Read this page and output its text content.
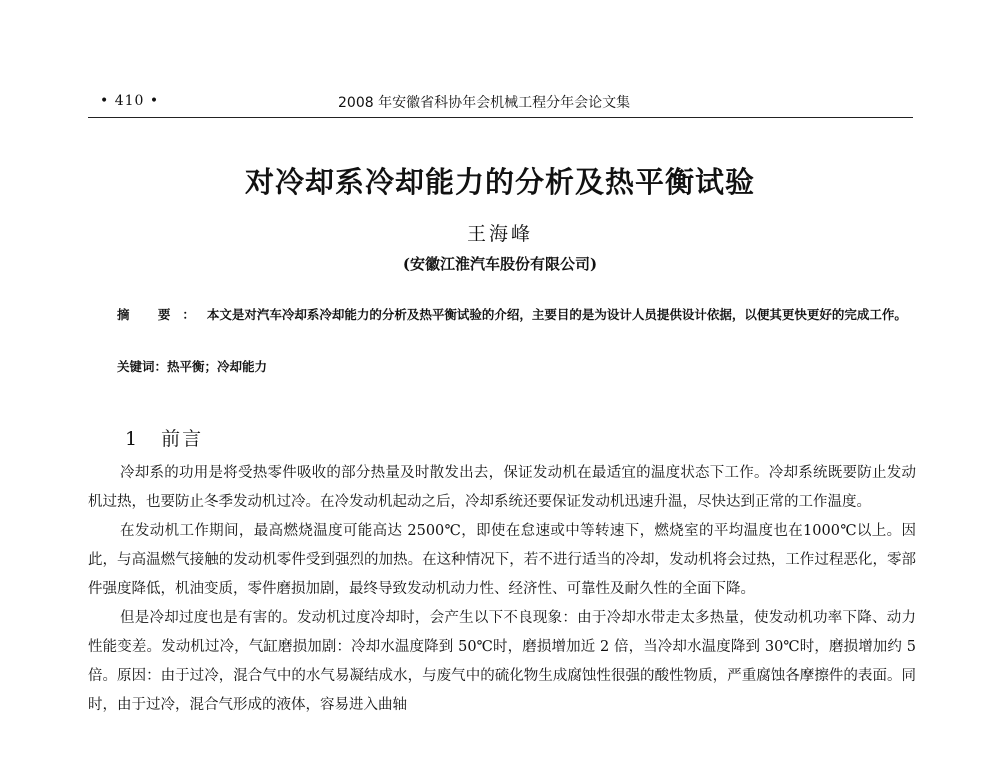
• 410 •	2008 年安徽省科协年会机械工程分年会论文集
对冷却系冷却能力的分析及热平衡试验
王海峰
(安徽江淮汽车股份有限公司)
摘 要：本文是对汽车冷却系冷却能力的分析及热平衡试验的介绍，主要目的是为设计人员提供设计依据，以便其更快更好的完成工作。
关键词：热平衡；冷却能力
1 前言

冷却系的功用是将受热零件吸收的部分热量及时散发出去，保证发动机在最适宜的温度状态下工作。冷却系统既要防止发动机过热，也要防止冬季发动机过冷。在冷发动机起动之后，冷却系统还要保证发动机迅速升温，尽快达到正常的工作温度。

在发动机工作期间，最高燃烧温度可能高达 2500℃，即使在怠速或中等转速下，燃烧室的平均温度也在1000℃以上。因此，与高温燃气接触的发动机零件受到强烈的加热。在这种情况下，若不进行适当的冷却，发动机将会过热，工作过程恶化，零部件强度降低，机油变质，零件磨损加剧，最终导致发动机动力性、经济性、可靠性及耐久性的全面下降。

但是冷却过度也是有害的。发动机过度冷却时，会产生以下不良现象：由于冷却水带走太多热量，使发动机功率下降、动力性能变差。发动机过冷，气缸磨损加剧：冷却水温度降到 50℃时，磨损增加近 2 倍，当冷却水温度降到 30℃时，磨损增加约 5 倍。原因：由于过冷，混合气中的水气易凝结成水，与废气中的硫化物生成腐蚀性很强的酸性物质，严重腐蚀各摩擦件的表面。同时，由于过冷，混合气形成的液体，容易进入曲轴
